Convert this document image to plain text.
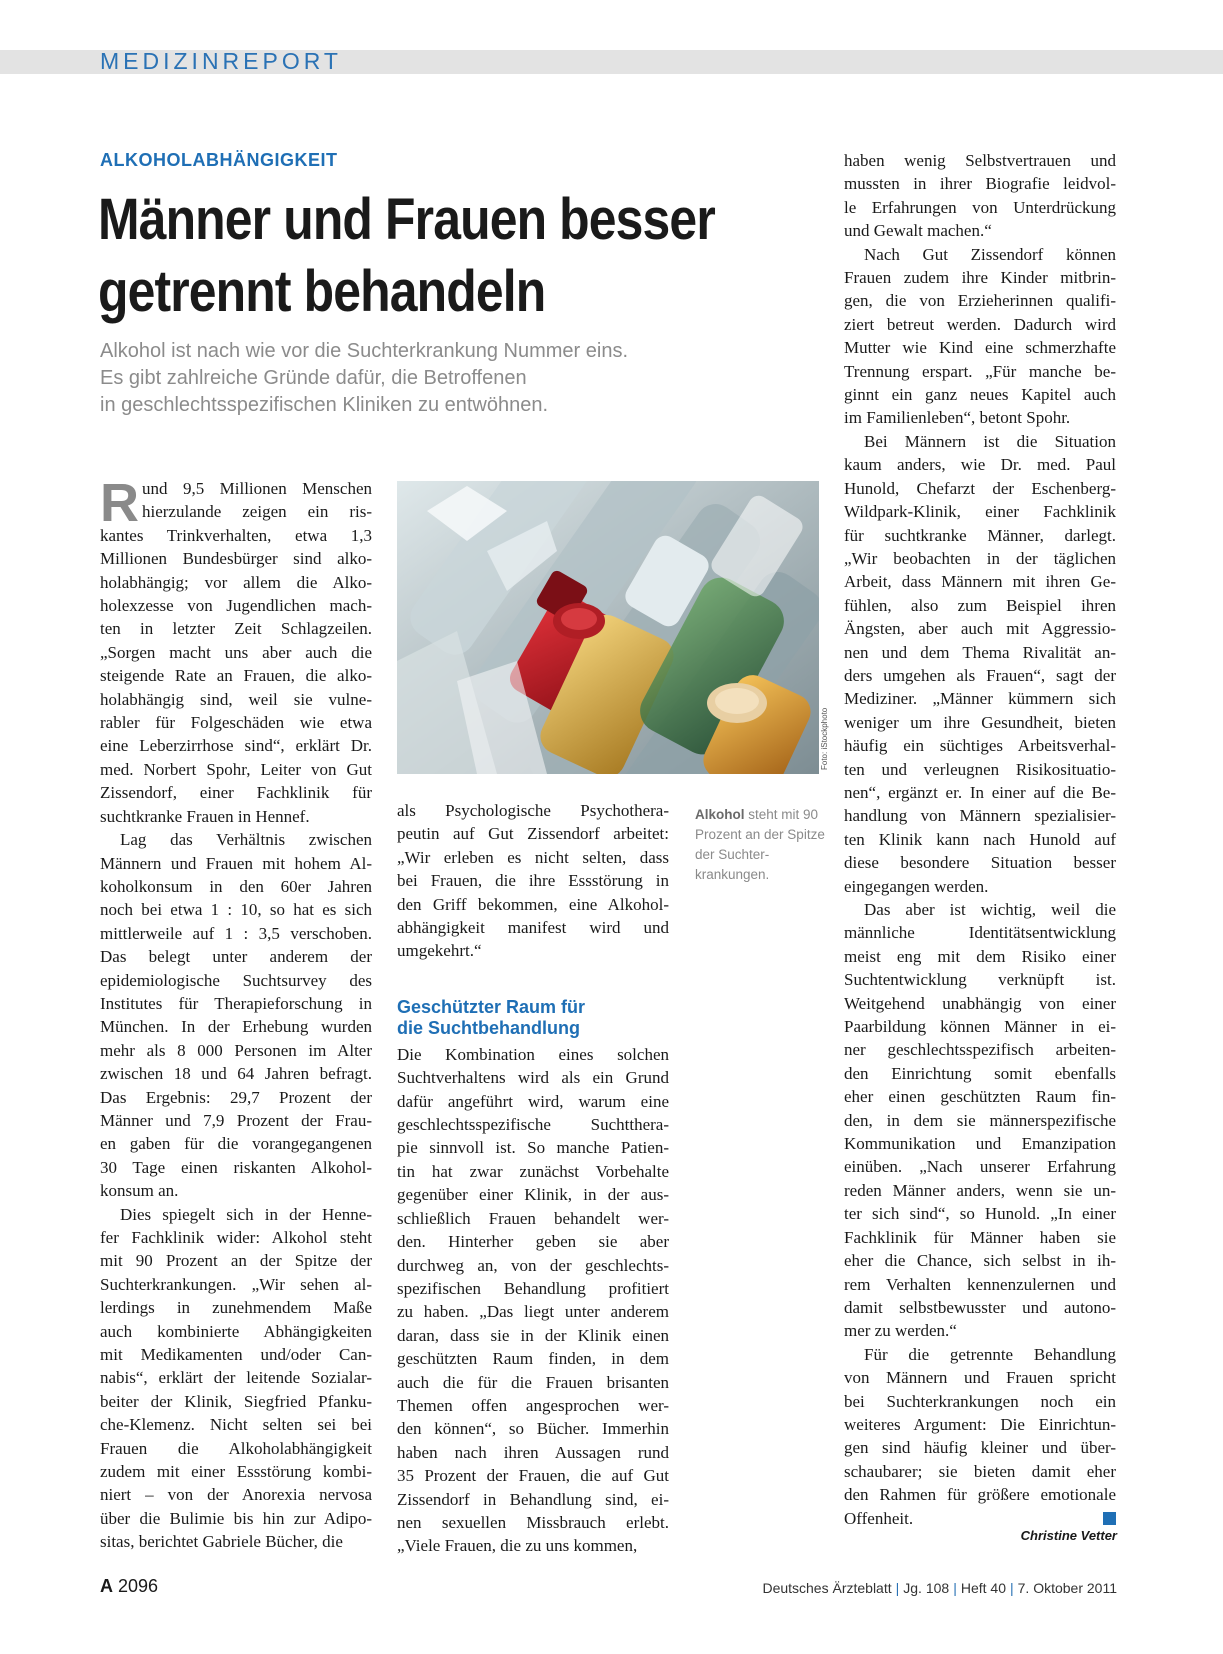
MEDIZINREPORT
ALKOHOLABHÄNGIGKEIT
Männer und Frauen besser
getrennt behandeln
Alkohol ist nach wie vor die Suchterkrankung Nummer eins.
Es gibt zahlreiche Gründe dafür, die Betroffenen
in geschlechtsspezifischen Kliniken zu entwöhnen.

R und 9,5 Millionen Menschen
hierzulande zeigen ein ris-
kantes Trinkverhalten, etwa 1,3
Millionen Bundesbürger sind alko-
holabhängig; vor allem die Alko-
holexzesse von Jugendlichen mach-
ten in letzter Zeit Schlagzeilen.
„Sorgen macht uns aber auch die
steigende Rate an Frauen, die alko-
holabhängig sind, weil sie vulne-
rabler für Folgeschäden wie etwa
eine Leberzirrhose sind“, erklärt Dr.
med. Norbert Spohr, Leiter von Gut
Zissendorf, einer Fachklinik für
suchtkranke Frauen in Hennef.

Lag das Verhältnis zwischen
Männern und Frauen mit hohem Al-
koholkonsum in den 60er Jahren
noch bei etwa 1 : 10, so hat es sich
mittlerweile auf 1 : 3,5 verschoben.
Das belegt unter anderem der
epidemiologische Suchtsurvey des
Institutes für Therapieforschung in
München. In der Erhebung wurden
mehr als 8 000 Personen im Alter
zwischen 18 und 64 Jahren befragt.
Das Ergebnis: 29,7 Prozent der
Männer und 7,9 Prozent der Frau-
en gaben für die vorangegangenen
30 Tage einen riskanten Alkohol-
konsum an.

Dies spiegelt sich in der Henne-
fer Fachklinik wider: Alkohol steht
mit 90 Prozent an der Spitze der
Suchterkrankungen. „Wir sehen al-
lerdings in zunehmendem Maße
auch kombinierte Abhängigkeiten
mit Medikamenten und/oder Can-
nabis“, erklärt der leitende Sozialar-
beiter der Klinik, Siegfried Pfanku-
che-Klemenz. Nicht selten sei bei
Frauen die Alkoholabhängigkeit
zudem mit einer Essstörung kombi-
niert – von der Anorexia nervosa
über die Bulimie bis hin zur Adipo-
sitas, berichtet Gabriele Bücher, die

Foto: iStockphoto
Alkohol steht mit 90 Prozent an der Spitze der Suchter-krankungen.

als Psychologische Psychothera-
peutin auf Gut Zissendorf arbeitet:
„Wir erleben es nicht selten, dass
bei Frauen, die ihre Essstörung in
den Griff bekommen, eine Alkohol-
abhängigkeit manifest wird und
umgekehrt.“

Geschützter Raum für
die Suchtbehandlung

Die Kombination eines solchen
Suchtverhaltens wird als ein Grund
dafür angeführt wird, warum eine
geschlechtsspezifische Suchtthera-
pie sinnvoll ist. So manche Patien-
tin hat zwar zunächst Vorbehalte
gegenüber einer Klinik, in der aus-
schließlich Frauen behandelt wer-
den. Hinterher geben sie aber
durchweg an, von der geschlechts-
spezifischen Behandlung profitiert
zu haben. „Das liegt unter anderem
daran, dass sie in der Klinik einen
geschützten Raum finden, in dem
auch die für die Frauen brisanten
Themen offen angesprochen wer-
den können“, so Bücher. Immerhin
haben nach ihren Aussagen rund
35 Prozent der Frauen, die auf Gut
Zissendorf in Behandlung sind, ei-
nen sexuellen Missbrauch erlebt.
„Viele Frauen, die zu uns kommen,

haben wenig Selbstvertrauen und
mussten in ihrer Biografie leidvol-
le Erfahrungen von Unterdrückung
und Gewalt machen.“

Nach Gut Zissendorf können
Frauen zudem ihre Kinder mitbrin-
gen, die von Erzieherinnen qualifi-
ziert betreut werden. Dadurch wird
Mutter wie Kind eine schmerzhafte
Trennung erspart. „Für manche be-
ginnt ein ganz neues Kapitel auch
im Familienleben“, betont Spohr.

Bei Männern ist die Situation
kaum anders, wie Dr. med. Paul
Hunold, Chefarzt der Eschenberg-
Wildpark-Klinik, einer Fachklinik
für suchtkranke Männer, darlegt.
„Wir beobachten in der täglichen
Arbeit, dass Männern mit ihren Ge-
fühlen, also zum Beispiel ihren
Ängsten, aber auch mit Aggressio-
nen und dem Thema Rivalität an-
ders umgehen als Frauen“, sagt der
Mediziner. „Männer kümmern sich
weniger um ihre Gesundheit, bieten
häufig ein süchtiges Arbeitsverhal-
ten und verleugnen Risikosituatio-
nen“, ergänzt er. In einer auf die Be-
handlung von Männern spezialisier-
ten Klinik kann nach Hunold auf
diese besondere Situation besser
eingegangen werden.

Das aber ist wichtig, weil die
männliche Identitätsentwicklung
meist eng mit dem Risiko einer
Suchtentwicklung verknüpft ist.
Weitgehend unabhängig von einer
Paarbildung können Männer in ei-
ner geschlechtsspezifisch arbeiten-
den Einrichtung somit ebenfalls
eher einen geschützten Raum fin-
den, in dem sie männerspezifische
Kommunikation und Emanzipation
einüben. „Nach unserer Erfahrung
reden Männer anders, wenn sie un-
ter sich sind“, so Hunold. „In einer
Fachklinik für Männer haben sie
eher die Chance, sich selbst in ih-
rem Verhalten kennenzulernen und
damit selbstbewusster und autono-
mer zu werden.“

Für die getrennte Behandlung
von Männern und Frauen spricht
bei Suchterkrankungen noch ein
weiteres Argument: Die Einrichtun-
gen sind häufig kleiner und über-
schaubarer; sie bieten damit eher
den Rahmen für größere emotionale
Offenheit.

Christine Vetter
A 2096	Deutsches Ärzteblatt | Jg. 108 | Heft 40 | 7. Oktober 2011
